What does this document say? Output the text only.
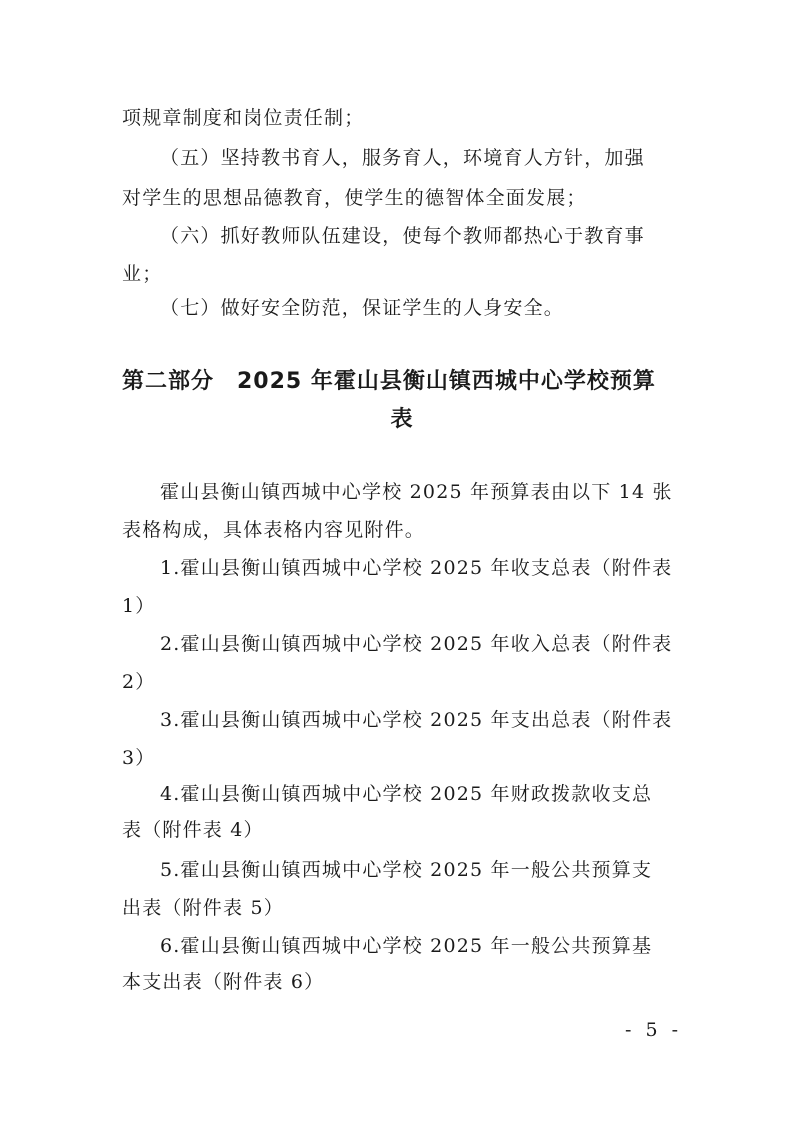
项规章制度和岗位责任制；
（五）坚持教书育人，服务育人，环境育人方针，加强
对学生的思想品德教育，使学生的德智体全面发展；
（六）抓好教师队伍建设，使每个教师都热心于教育事
业；
（七）做好安全防范，保证学生的人身安全。
第二部分　2025 年霍山县衡山镇西城中心学校预算
表
霍山县衡山镇西城中心学校 2025 年预算表由以下 14 张
表格构成，具体表格内容见附件。
1.霍山县衡山镇西城中心学校 2025 年收支总表（附件表
1）
2.霍山县衡山镇西城中心学校 2025 年收入总表（附件表
2）
3.霍山县衡山镇西城中心学校 2025 年支出总表（附件表
3）
4.霍山县衡山镇西城中心学校 2025 年财政拨款收支总
表（附件表 4）
5.霍山县衡山镇西城中心学校 2025 年一般公共预算支
出表（附件表 5）
6.霍山县衡山镇西城中心学校 2025 年一般公共预算基
本支出表（附件表 6）
- 5 -
